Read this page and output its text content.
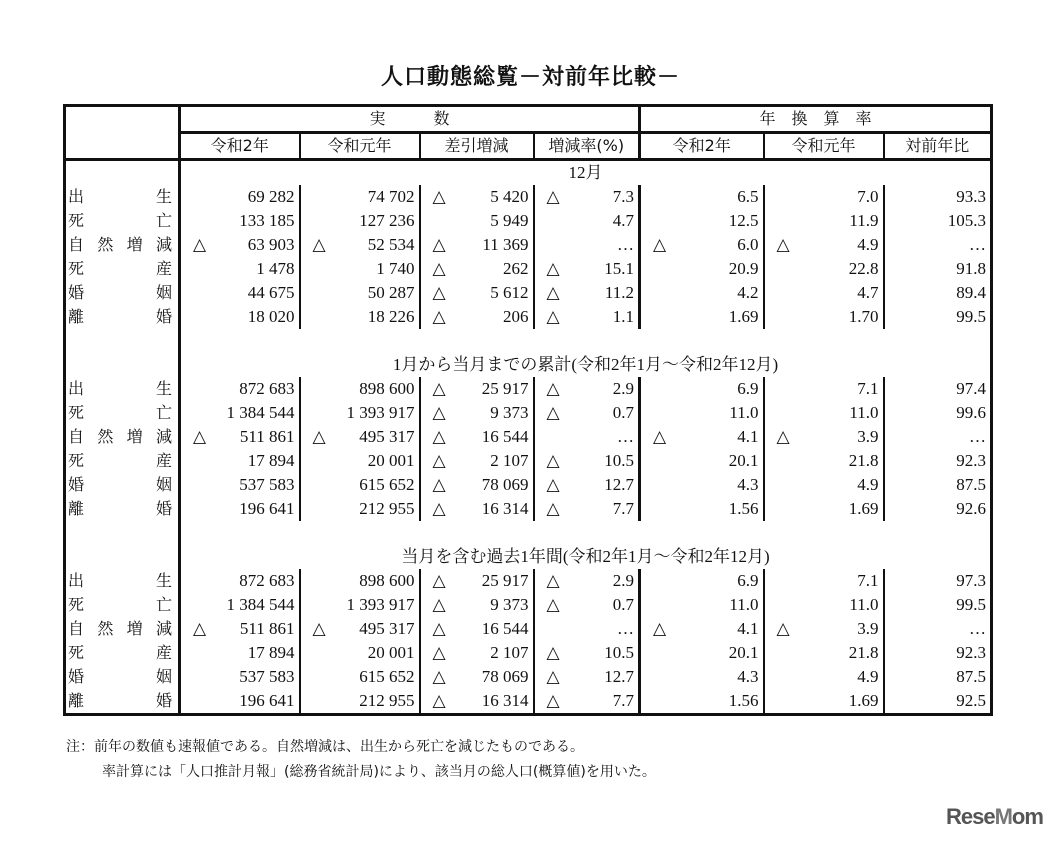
人口動態総覧－対前年比較－
	実　　　数				年　換　算　率		
	令和2年	令和元年	差引増減	増減率(%)	令和2年	令和元年	対前年比
	12月						

出 生	69 282	74 702	△ 5 420	△ 7.3	6.5	7.0	93.3

死 亡	133 185	127 236	5 949	4.7	12.5	11.9	105.3

自 然 増 減	△ 63 903	△ 52 534	△ 11 369	…	△ 6.0	△ 4.9	…

死 産	1 478	1 740	△ 262	△ 15.1	20.9	22.8	91.8

婚 姻	44 675	50 287	△ 5 612	△ 11.2	4.2	4.7	89.4

離 婚	18 020	18 226	△ 206	△ 1.1	1.69	1.70	99.5

	1月から当月までの累計(令和2年1月～令和2年12月)						

出 生	872 683	898 600	△ 25 917	△ 2.9	6.9	7.1	97.4

死 亡	1 384 544	1 393 917	△ 9 373	△ 0.7	11.0	11.0	99.6

自 然 増 減	△ 511 861	△ 495 317	△ 16 544	…	△ 4.1	△ 3.9	…

死 産	17 894	20 001	△ 2 107	△ 10.5	20.1	21.8	92.3

婚 姻	537 583	615 652	△ 78 069	△ 12.7	4.3	4.9	87.5

離 婚	196 641	212 955	△ 16 314	△ 7.7	1.56	1.69	92.6

	当月を含む過去1年間(令和2年1月～令和2年12月)						

出 生	872 683	898 600	△ 25 917	△ 2.9	6.9	7.1	97.3

死 亡	1 384 544	1 393 917	△ 9 373	△ 0.7	11.0	11.0	99.5

自 然 増 減	△ 511 861	△ 495 317	△ 16 544	…	△ 4.1	△ 3.9	…

死 産	17 894	20 001	△ 2 107	△ 10.5	20.1	21.8	92.3

婚 姻	537 583	615 652	△ 78 069	△ 12.7	4.3	4.9	87.5

離 婚	196 641	212 955	△ 16 314	△ 7.7	1.56	1.69	92.5
注：前年の数値も速報値である。自然増減は、出生から死亡を減じたものである。
率計算には「人口推計月報」(総務省統計局)により、該当月の総人口(概算値)を用いた。
ReseMom
